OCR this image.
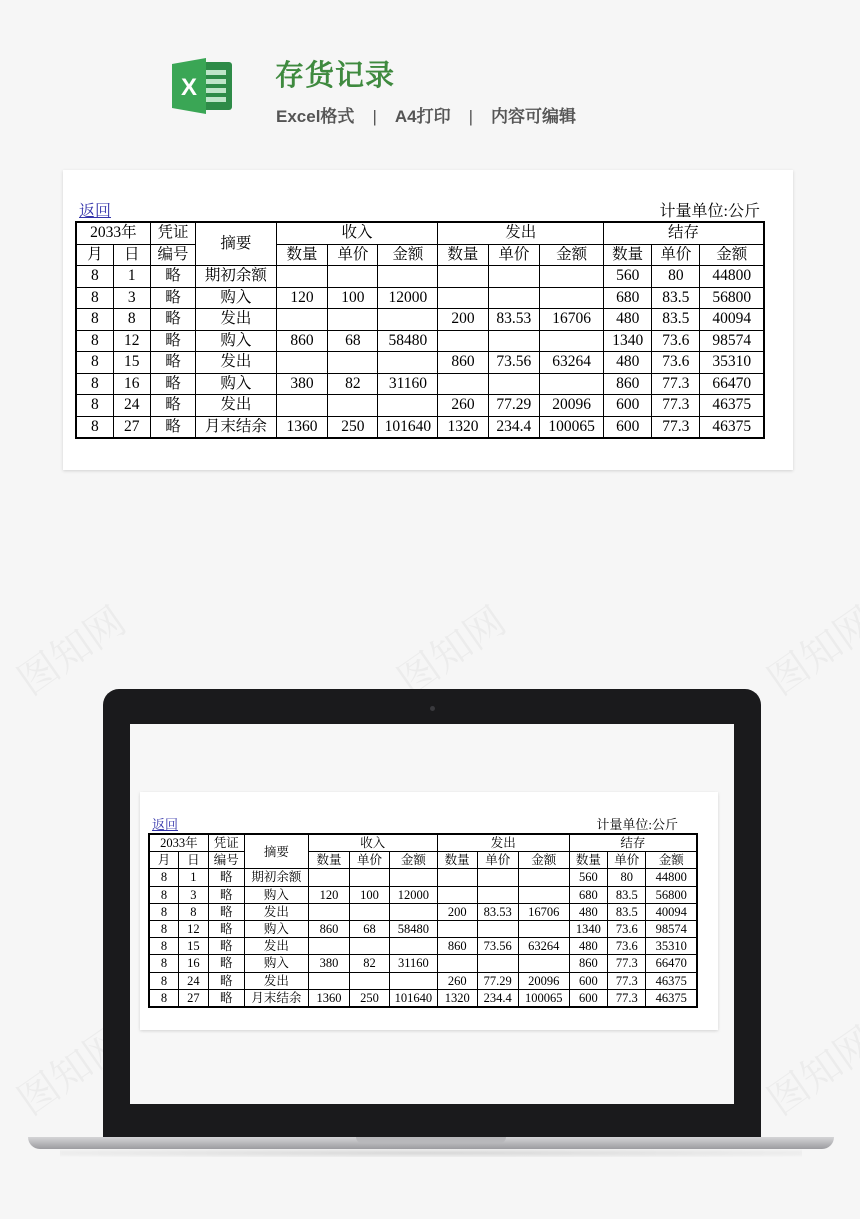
X	存货记录
Excel格式 | A4打印 | 内容可编辑
返回	计量单位:公斤
2033年		凭证	摘要	收入			发出			结存		
月	日	编号		数量	单价	金额	数量	单价	金额	数量	单价	金额
8	1	略	期初余额							560	80	44800
8	3	略	购入	120	100	12000				680	83.5	56800
8	8	略	发出				200	83.53	16706	480	83.5	40094
8	12	略	购入	860	68	58480				1340	73.6	98574
8	15	略	发出				860	73.56	63264	480	73.6	35310
8	16	略	购入	380	82	31160				860	77.3	66470
8	24	略	发出				260	77.29	20096	600	77.3	46375
8	27	略	月末结余	1360	250	101640	1320	234.4	100065	600	77.3	46375
返回	计量单位:公斤
2033年		凭证	摘要	收入			发出			结存		
月	日	编号		数量	单价	金额	数量	单价	金额	数量	单价	金额
8	1	略	期初余额							560	80	44800
8	3	略	购入	120	100	12000				680	83.5	56800
8	8	略	发出				200	83.53	16706	480	83.5	40094
8	12	略	购入	860	68	58480				1340	73.6	98574
8	15	略	发出				860	73.56	63264	480	73.6	35310
8	16	略	购入	380	82	31160				860	77.3	66470
8	24	略	发出				260	77.29	20096	600	77.3	46375
8	27	略	月末结余	1360	250	101640	1320	234.4	100065	600	77.3	46375
